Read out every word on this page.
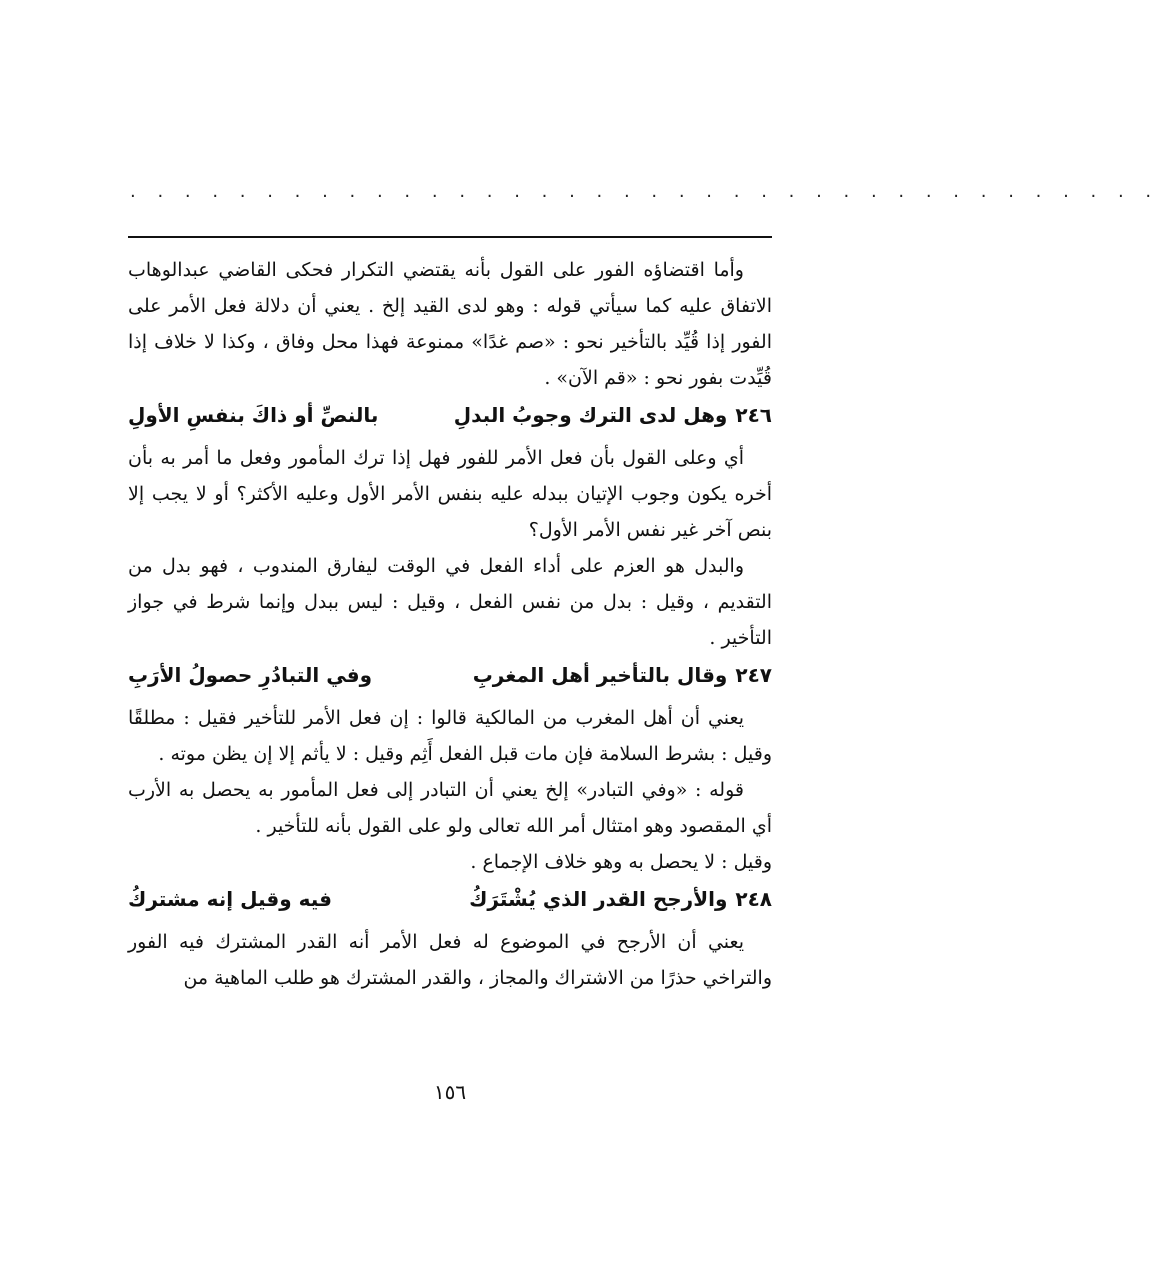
· · · · · · · · · · · · · · · · · · · · · · · · · · · · · · · · · · · · · ·

وأما اقتضاؤه الفور على القول بأنه يقتضي التكرار فحكى القاضي عبدالوهاب الاتفاق عليه كما سيأتي قوله : وهو لدى القيد إلخ . يعني أن دلالة فعل الأمر على الفور إذا قُيِّد بالتأخير نحو : «صم غدًا» ممنوعة فهذا محل وفاق ، وكذا لا خلاف إذا قُيِّدت بفور نحو : «قم الآن» .

٢٤٦
وهل لدى الترك وجوبُ البدلِ
بالنصِّ أو ذاكَ بنفسِ الأولِ

أي وعلى القول بأن فعل الأمر للفور فهل إذا ترك المأمور وفعل ما أمر به بأن أخره يكون وجوب الإتيان ببدله عليه بنفس الأمر الأول وعليه الأكثر؟ أو لا يجب إلا بنص آخر غير نفس الأمر الأول؟

والبدل هو العزم على أداء الفعل في الوقت ليفارق المندوب ، فهو بدل من التقديم ، وقيل : بدل من نفس الفعل ، وقيل : ليس ببدل وإنما شرط في جواز التأخير .

٢٤٧
وقال بالتأخير أهل المغربِ
وفي التبادُرِ حصولُ الأرَبِ

يعني أن أهل المغرب من المالكية قالوا : إن فعل الأمر للتأخير فقيل : مطلقًا وقيل : بشرط السلامة فإن مات قبل الفعل أَثِم وقيل : لا يأثم إلا إن يظن موته .

قوله : «وفي التبادر» إلخ يعني أن التبادر إلى فعل المأمور به يحصل به الأرب أي المقصود وهو امتثال أمر الله تعالى ولو على القول بأنه للتأخير .

وقيل : لا يحصل به وهو خلاف الإجماع .

٢٤٨
والأرجح القدر الذي يُشْتَرَكُ
فيه وقيل إنه مشتركُ

يعني أن الأرجح في الموضوع له فعل الأمر أنه القدر المشترك فيه الفور والتراخي حذرًا من الاشتراك والمجاز ، والقدر المشترك هو طلب الماهية من

١٥٦
